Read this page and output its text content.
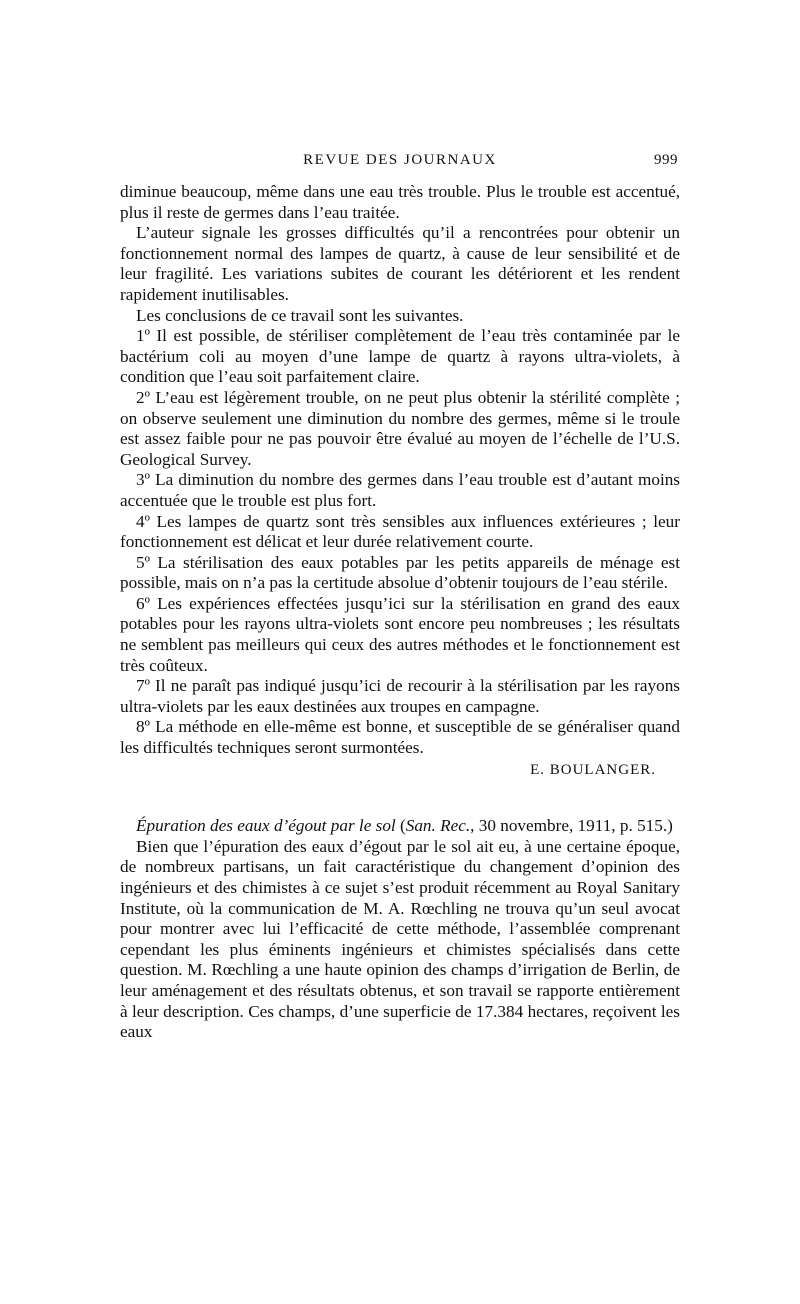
REVUE DES JOURNAUX	999

diminue beaucoup, même dans une eau très trouble. Plus le trouble est accentué, plus il reste de germes dans l’eau traitée.

L’auteur signale les grosses difficultés qu’il a rencontrées pour obtenir un fonctionnement normal des lampes de quartz, à cause de leur sensibilité et de leur fragilité. Les variations subites de courant les détériorent et les rendent rapidement inutilisables.

Les conclusions de ce travail sont les suivantes.

1º Il est possible, de stériliser complètement de l’eau très contaminée par le bactérium coli au moyen d’une lampe de quartz à rayons ultra-violets, à condition que l’eau soit parfaitement claire.

2º L’eau est légèrement trouble, on ne peut plus obtenir la stérilité complète ; on observe seulement une diminution du nombre des germes, même si le troule est assez faible pour ne pas pouvoir être évalué au moyen de l’échelle de l’U.S. Geological Survey.

3º La diminution du nombre des germes dans l’eau trouble est d’autant moins accentuée que le trouble est plus fort.

4º Les lampes de quartz sont très sensibles aux influences extérieures ; leur fonctionnement est délicat et leur durée relativement courte.

5º La stérilisation des eaux potables par les petits appareils de ménage est possible, mais on n’a pas la certitude absolue d’obtenir toujours de l’eau stérile.

6º Les expériences effectées jusqu’ici sur la stérilisation en grand des eaux potables pour les rayons ultra-violets sont encore peu nombreuses ; les résultats ne semblent pas meilleurs qui ceux des autres méthodes et le fonctionnement est très coûteux.

7º Il ne paraît pas indiqué jusqu’ici de recourir à la stérilisation par les rayons ultra-violets par les eaux destinées aux troupes en campagne.

8º La méthode en elle-même est bonne, et susceptible de se généraliser quand les difficultés techniques seront surmontées.

E. BOULANGER.

Épuration des eaux d’égout par le sol (San. Rec., 30 novembre, 1911, p. 515.)

Bien que l’épuration des eaux d’égout par le sol ait eu, à une certaine époque, de nombreux partisans, un fait caractéristique du changement d’opinion des ingénieurs et des chimistes à ce sujet s’est produit récemment au Royal Sanitary Institute, où la communication de M. A. Rœchling ne trouva qu’un seul avocat pour montrer avec lui l’efficacité de cette méthode, l’assemblée comprenant cependant les plus éminents ingénieurs et chimistes spécialisés dans cette question. M. Rœchling a une haute opinion des champs d’irrigation de Berlin, de leur aménagement et des résultats obtenus, et son travail se rapporte entièrement à leur description. Ces champs, d’une superficie de 17.384 hectares, reçoivent les eaux
